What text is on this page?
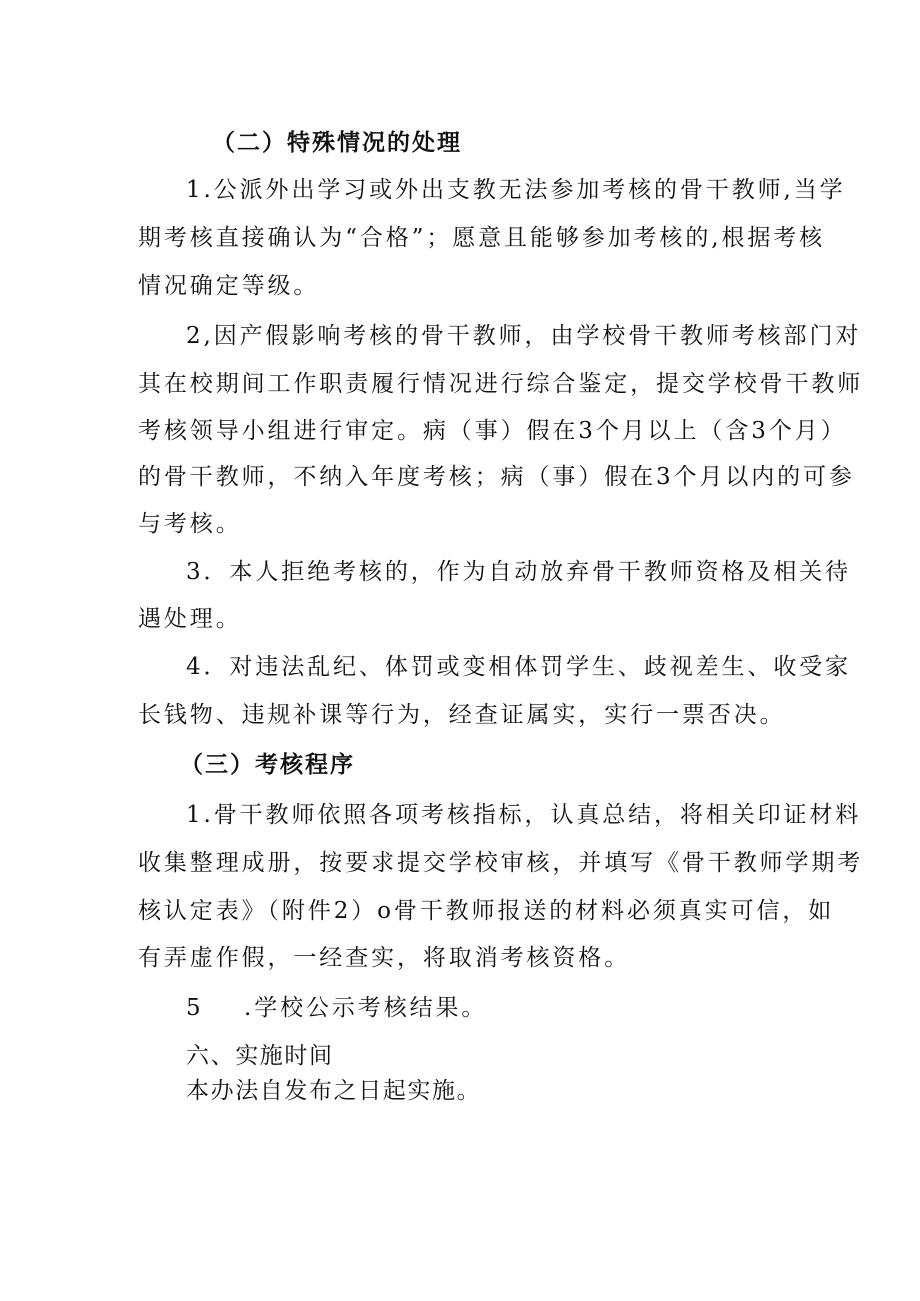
（二）特殊情况的处理
1.公派外出学习或外出支教无法参加考核的骨干教师,当学
期考核直接确认为“合格”；愿意且能够参加考核的,根据考核
情况确定等级。
2,因产假影响考核的骨干教师，由学校骨干教师考核部门对
其在校期间工作职责履行情况进行综合鉴定，提交学校骨干教师
考核领导小组进行审定。病（事）假在3个月以上（含3个月）
的骨干教师，不纳入年度考核；病（事）假在3个月以内的可参
与考核。
3．本人拒绝考核的，作为自动放弃骨干教师资格及相关待
遇处理。
4．对违法乱纪、体罚或变相体罚学生、歧视差生、收受家
长钱物、违规补课等行为，经查证属实，实行一票否决。
（三）考核程序
1.骨干教师依照各项考核指标，认真总结，将相关印证材料
收集整理成册，按要求提交学校审核，并填写《骨干教师学期考
核认定表》（附件2）o骨干教师报送的材料必须真实可信，如
有弄虚作假，一经查实，将取消考核资格。
5 .学校公示考核结果。
六、实施时间
本办法自发布之日起实施。
